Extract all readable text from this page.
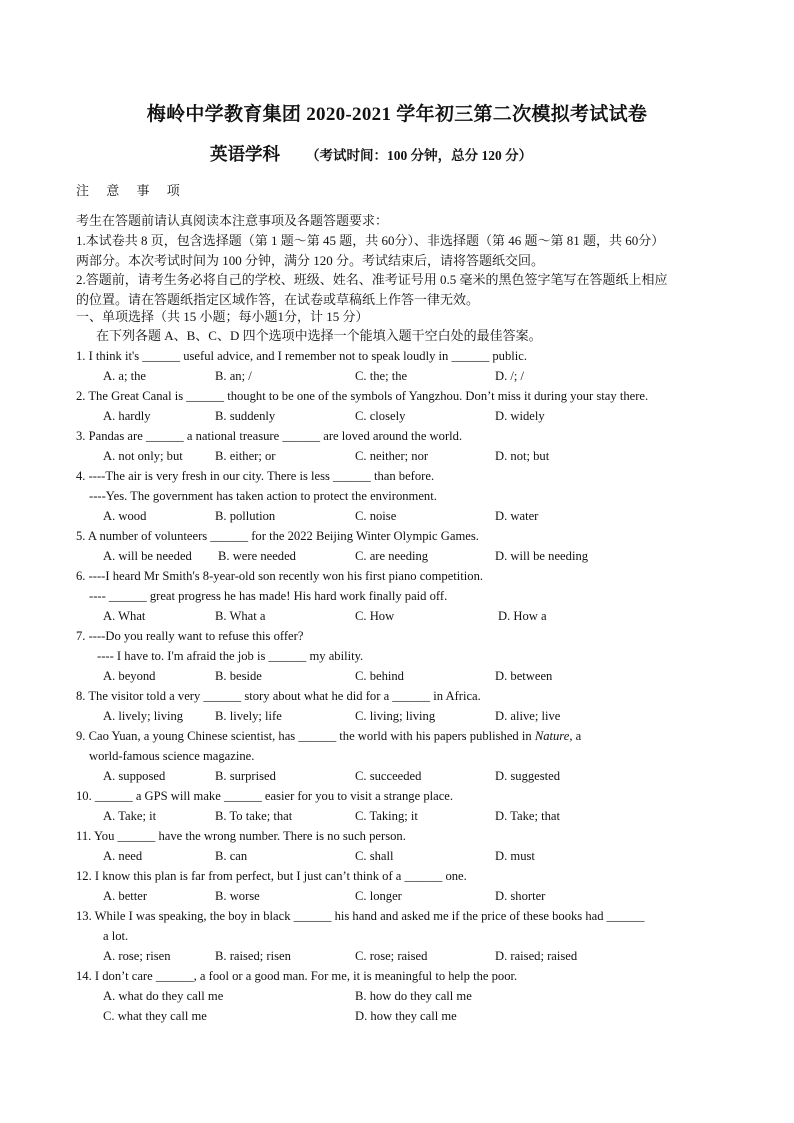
梅岭中学教育集团 2020-2021 学年初三第二次模拟考试试卷
英语学科 （考试时间：100 分钟，总分 120 分）
注 意 事 项
考生在答题前请认真阅读本注意事项及各题答题要求：
1.本试卷共 8 页，包含选择题（第 1 题～第 45 题，共 60分）、非选择题（第 46 题～第 81 题，共 60分）
两部分。本次考试时间为 100 分钟，满分 120 分。考试结束后，请将答题纸交回。
2.答题前，请考生务必将自己的学校、班级、姓名、准考证号用 0.5 毫米的黑色签字笔写在答题纸上相应
的位置。请在答题纸指定区域作答，在试卷或草稿纸上作答一律无效。
一、单项选择（共 15 小题；每小题1分，计 15 分）
在下列各题 A、B、C、D 四个选项中选择一个能填入题干空白处的最佳答案。
1. I think it's ______ useful advice, and I remember not to speak loudly in ______ public.
A. a; the	B. an; /	C. the; the	D. /; /
2. The Great Canal is ______ thought to be one of the symbols of Yangzhou. Don’t miss it during your stay there.
A. hardly	B. suddenly	C. closely	D. widely
3. Pandas are ______ a national treasure ______ are loved around the world.
A. not only; but	B. either; or	C. neither; nor	D. not; but
4. ----The air is very fresh in our city. There is less ______ than before.
----Yes. The government has taken action to protect the environment.
A. wood	B. pollution	C. noise	D. water
5. A number of volunteers ______ for the 2022 Beijing Winter Olympic Games.
A. will be needed B. were needed	C. are needing	D. will be needing
6. ----I heard Mr Smith's 8-year-old son recently won his first piano competition.
---- ______ great progress he has made! His hard work finally paid off.
A. What	B. What a	C. How	D. How a
7. ----Do you really want to refuse this offer?
---- I have to. I'm afraid the job is ______ my ability.
A. beyond	B. beside	C. behind	D. between
8. The visitor told a very ______ story about what he did for a ______ in Africa.
A. lively; living	B. lively; life	C. living; living	D. alive; live
9. Cao Yuan, a young Chinese scientist, has ______ the world with his papers published in Nature, a
world-famous science magazine.
A. supposed	B. surprised	C. succeeded	D. suggested
10. ______ a GPS will make ______ easier for you to visit a strange place.
A. Take; it	B. To take; that	C. Taking; it	D. Take; that
11. You ______ have the wrong number. There is no such person.
A. need	B. can	C. shall	D. must
12. I know this plan is far from perfect, but I just can’t think of a ______ one.
A. better	B. worse	C. longer	D. shorter
13. While I was speaking, the boy in black ______ his hand and asked me if the price of these books had ______
a lot.
A. rose; risen	B. raised; risen	C. rose; raised	D. raised; raised
14. I don’t care ______, a fool or a good man. For me, it is meaningful to help the poor.
A. what do they call me	B. how do they call me
C. what they call me	D. how they call me
